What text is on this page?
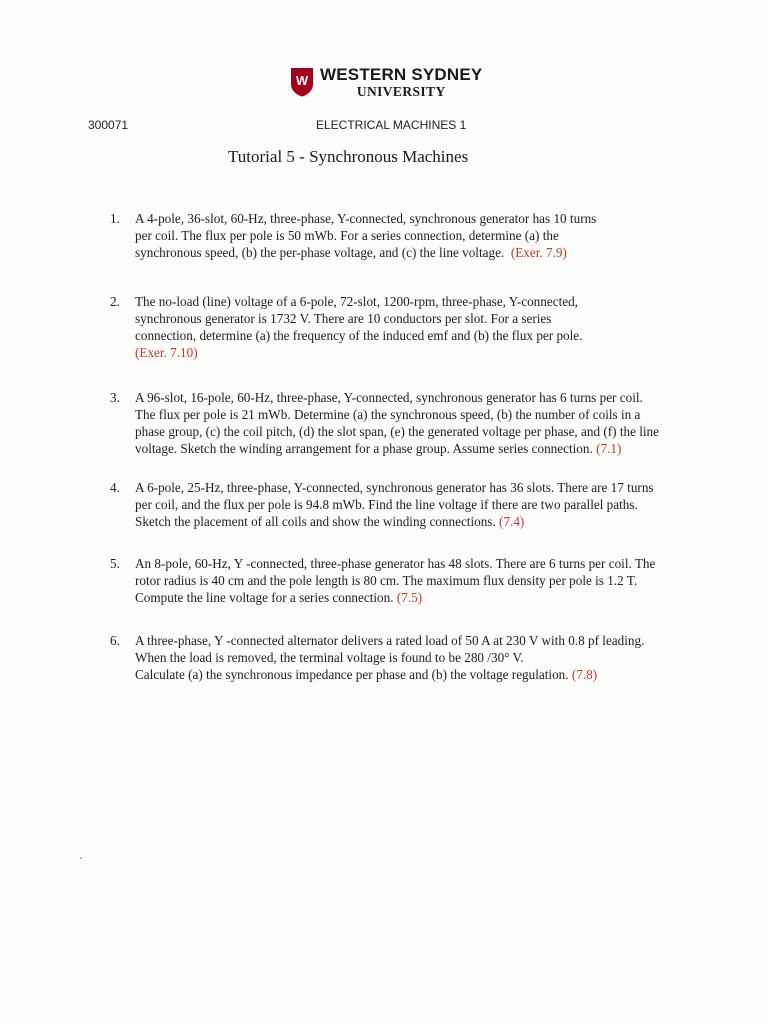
W WESTERN SYDNEY
UNIVERSITY
300071	ELECTRICAL MACHINES 1
Tutorial 5 - Synchronous Machines
1. A 4-pole, 36-slot, 60-Hz, three-phase, Y-connected, synchronous generator has 10 turns
per coil. The flux per pole is 50 mWb. For a series connection, determine (a) the
synchronous speed, (b) the per-phase voltage, and (c) the line voltage. (Exer. 7.9)
2. The no-load (line) voltage of a 6-pole, 72-slot, 1200-rpm, three-phase, Y-connected,
synchronous generator is 1732 V. There are 10 conductors per slot. For a series
connection, determine (a) the frequency of the induced emf and (b) the flux per pole.
(Exer. 7.10)
3. A 96-slot, 16-pole, 60-Hz, three-phase, Y-connected, synchronous generator has 6 turns per coil.
The flux per pole is 21 mWb. Determine (a) the synchronous speed, (b) the number of coils in a
phase group, (c) the coil pitch, (d) the slot span, (e) the generated voltage per phase, and (f) the line
voltage. Sketch the winding arrangement for a phase group. Assume series connection. (7.1)
4. A 6-pole, 25-Hz, three-phase, Y-connected, synchronous generator has 36 slots. There are 17 turns
per coil, and the flux per pole is 94.8 mWb. Find the line voltage if there are two parallel paths.
Sketch the placement of all coils and show the winding connections. (7.4)
5. An 8-pole, 60-Hz, Y -connected, three-phase generator has 48 slots. There are 6 turns per coil. The
rotor radius is 40 cm and the pole length is 80 cm. The maximum flux density per pole is 1.2 T.
Compute the line voltage for a series connection. (7.5)
6. A three-phase, Y -connected alternator delivers a rated load of 50 A at 230 V with 0.8 pf leading.
When the load is removed, the terminal voltage is found to be 280 /30° V.
Calculate (a) the synchronous impedance per phase and (b) the voltage regulation. (7.8)
